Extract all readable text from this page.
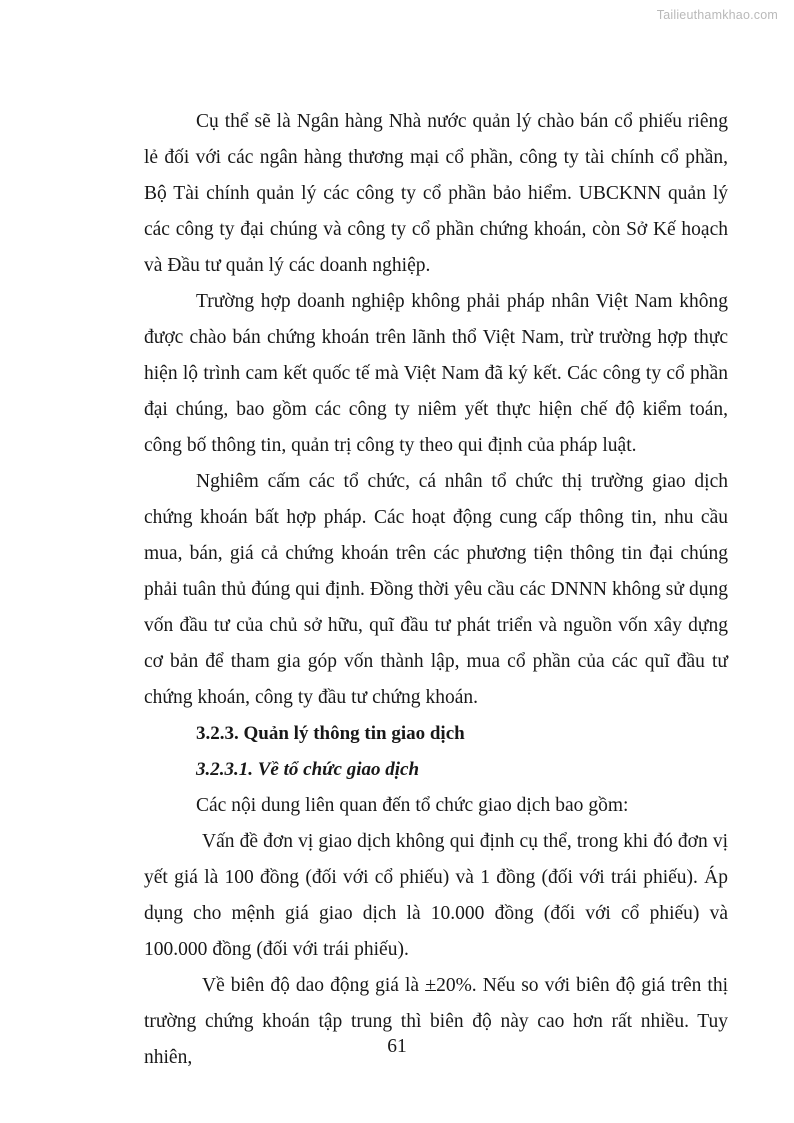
Tailieuthamkhao.com

Cụ thể sẽ là Ngân hàng Nhà nước quản lý chào bán cổ phiếu riêng lẻ đối với các ngân hàng thương mại cổ phần, công ty tài chính cổ phần, Bộ Tài chính quản lý các công ty cổ phần bảo hiểm. UBCKNN quản lý các công ty đại chúng và công ty cổ phần chứng khoán, còn Sở Kế hoạch và Đầu tư quản lý các doanh nghiệp.

Trường hợp doanh nghiệp không phải pháp nhân Việt Nam không được chào bán chứng khoán trên lãnh thổ Việt Nam, trừ trường hợp thực hiện lộ trình cam kết quốc tế mà Việt Nam đã ký kết. Các công ty cổ phần đại chúng, bao gồm các công ty niêm yết thực hiện chế độ kiểm toán, công bố thông tin, quản trị công ty theo qui định của pháp luật.

Nghiêm cấm các tổ chức, cá nhân tổ chức thị trường giao dịch chứng khoán bất hợp pháp. Các hoạt động cung cấp thông tin, nhu cầu mua, bán, giá cả chứng khoán trên các phương tiện thông tin đại chúng phải tuân thủ đúng qui định. Đồng thời yêu cầu các DNNN không sử dụng vốn đầu tư của chủ sở hữu, quĩ đầu tư phát triển và nguồn vốn xây dựng cơ bản để tham gia góp vốn thành lập, mua cổ phần của các quĩ đầu tư chứng khoán, công ty đầu tư chứng khoán.

3.2.3. Quản lý thông tin giao dịch
3.2.3.1. Về tổ chức giao dịch

Các nội dung liên quan đến tổ chức giao dịch bao gồm:

Vấn đề đơn vị giao dịch không qui định cụ thể, trong khi đó đơn vị yết giá là 100 đồng (đối với cổ phiếu) và 1 đồng (đối với trái phiếu). Áp dụng cho mệnh giá giao dịch là 10.000 đồng (đối với cổ phiếu) và 100.000 đồng (đối với trái phiếu).

Về biên độ dao động giá là +20%. Nếu so với biên độ giá trên thị trường chứng khoán tập trung thì biên độ này cao hơn rất nhiều. Tuy nhiên,

61
